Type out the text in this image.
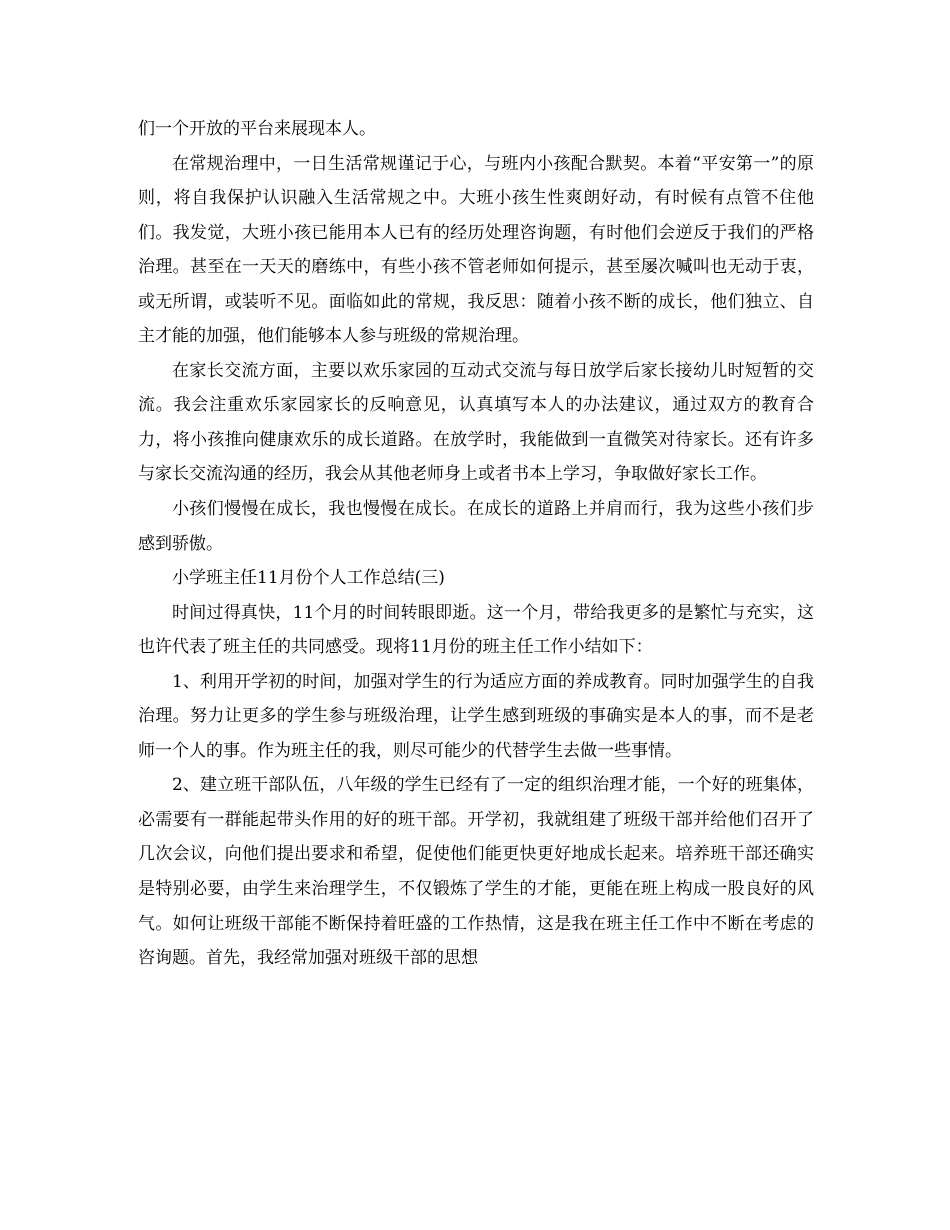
们一个开放的平台来展现本人。

在常规治理中，一日生活常规谨记于心，与班内小孩配合默契。本着“平安第一”的原则，将自我保护认识融入生活常规之中。大班小孩生性爽朗好动，有时候有点管不住他们。我发觉，大班小孩已能用本人已有的经历处理咨询题，有时他们会逆反于我们的严格治理。甚至在一天天的磨练中，有些小孩不管老师如何提示，甚至屡次喊叫也无动于衷，或无所谓，或装听不见。面临如此的常规，我反思：随着小孩不断的成长，他们独立、自主才能的加强，他们能够本人参与班级的常规治理。

在家长交流方面，主要以欢乐家园的互动式交流与每日放学后家长接幼儿时短暂的交流。我会注重欢乐家园家长的反响意见，认真填写本人的办法建议，通过双方的教育合力，将小孩推向健康欢乐的成长道路。在放学时，我能做到一直微笑对待家长。还有许多与家长交流沟通的经历，我会从其他老师身上或者书本上学习，争取做好家长工作。

小孩们慢慢在成长，我也慢慢在成长。在成长的道路上并肩而行，我为这些小孩们步感到骄傲。

小学班主任11月份个人工作总结(三)

时间过得真快，11个月的时间转眼即逝。这一个月，带给我更多的是繁忙与充实，这也许代表了班主任的共同感受。现将11月份的班主任工作小结如下：

1、利用开学初的时间，加强对学生的行为适应方面的养成教育。同时加强学生的自我治理。努力让更多的学生参与班级治理，让学生感到班级的事确实是本人的事，而不是老师一个人的事。作为班主任的我，则尽可能少的代替学生去做一些事情。

2、建立班干部队伍，八年级的学生已经有了一定的组织治理才能，一个好的班集体，必需要有一群能起带头作用的好的班干部。开学初，我就组建了班级干部并给他们召开了几次会议，向他们提出要求和希望，促使他们能更快更好地成长起来。培养班干部还确实是特别必要，由学生来治理学生，不仅锻炼了学生的才能，更能在班上构成一股良好的风气。如何让班级干部能不断保持着旺盛的工作热情，这是我在班主任工作中不断在考虑的咨询题。首先，我经常加强对班级干部的思想
